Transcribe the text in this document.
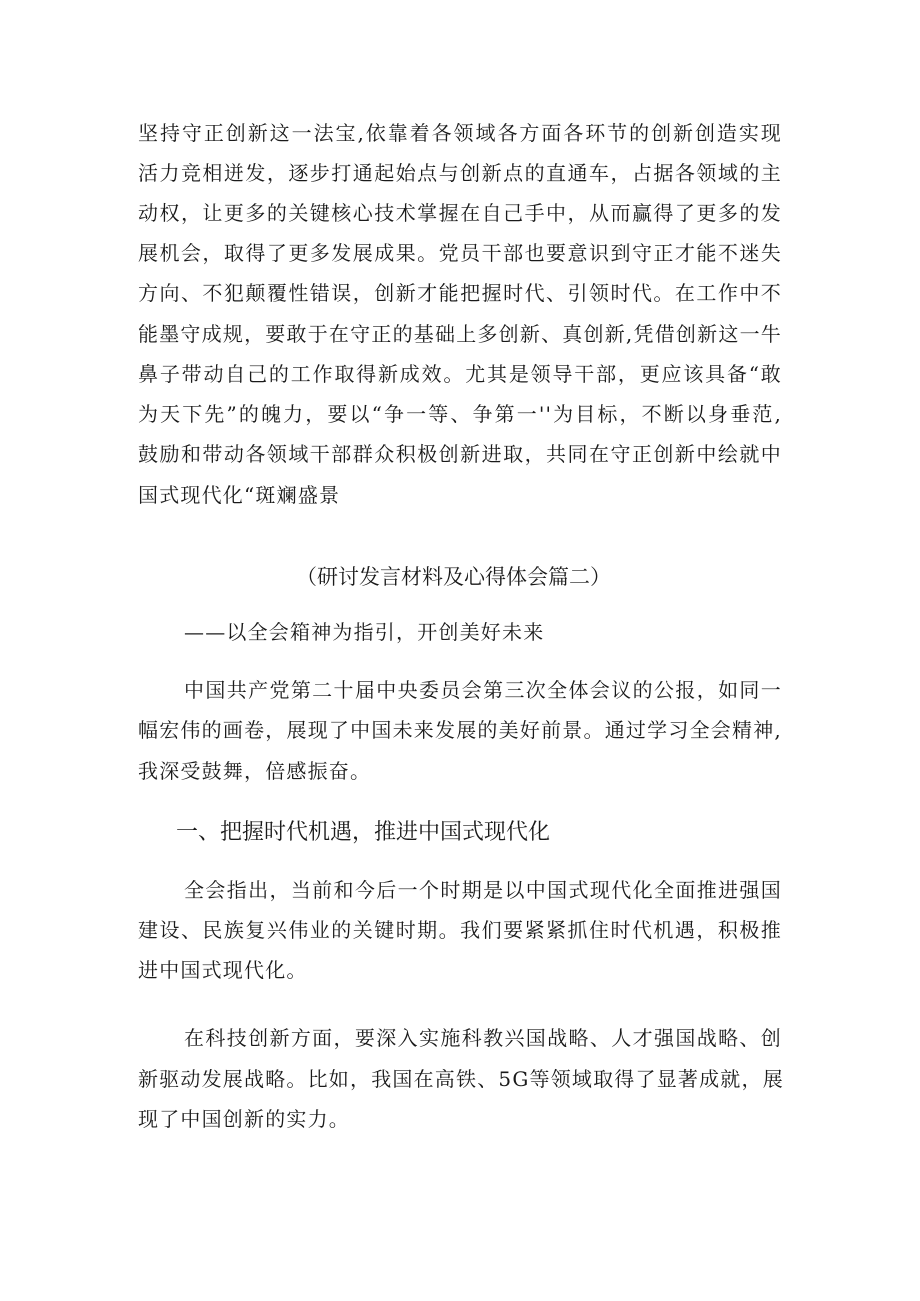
坚持守正创新这一法宝,依靠着各领域各方面各环节的创新创造实现
活力竞相迸发，逐步打通起始点与创新点的直通车，占据各领域的主
动权，让更多的关键核心技术掌握在自己手中，从而赢得了更多的发
展机会，取得了更多发展成果。党员干部也要意识到守正才能不迷失
方向、不犯颠覆性错误，创新才能把握时代、引领时代。在工作中不
能墨守成规，要敢于在守正的基础上多创新、真创新,凭借创新这一牛
鼻子带动自己的工作取得新成效。尤其是领导干部，更应该具备“敢
为天下先”的魄力，要以“争一等、争第一''为目标，不断以身垂范,
鼓励和带动各领域干部群众积极创新进取，共同在守正创新中绘就中
国式现代化“斑斓盛景
（研讨发言材料及心得体会篇二）
——以全会箱神为指引，开创美好未来
中国共产党第二十届中央委员会第三次全体会议的公报，如同一
幅宏伟的画卷，展现了中国未来发展的美好前景。通过学习全会精神,
我深受鼓舞，倍感振奋。
一、把握时代机遇，推进中国式现代化
全会指出，当前和今后一个时期是以中国式现代化全面推进强国
建设、民族复兴伟业的关键时期。我们要紧紧抓住时代机遇，积极推
进中国式现代化。
在科技创新方面，要深入实施科教兴国战略、人才强国战略、创
新驱动发展战略。比如，我国在高铁、5G等领域取得了显著成就，展
现了中国创新的实力。
